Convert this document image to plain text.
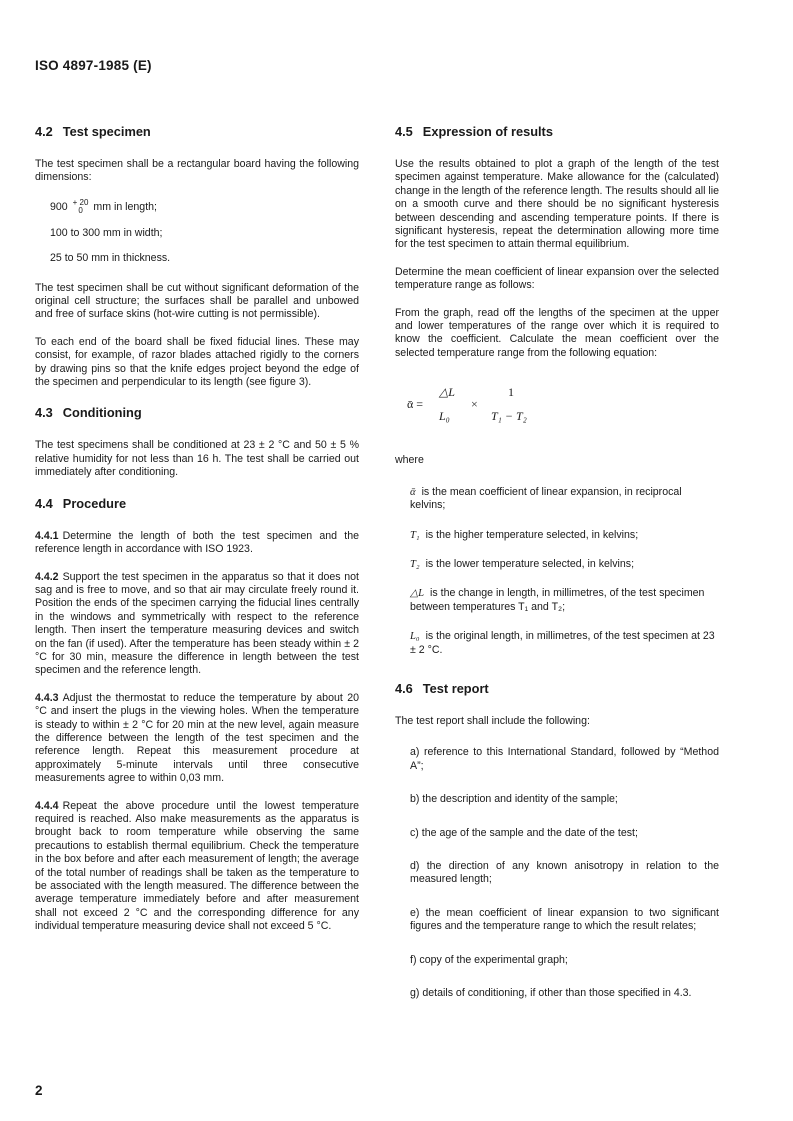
ISO 4897-1985 (E)
4.2 Test specimen

The test specimen shall be a rectangular board having the following dimensions:

900 + 20
0 mm in length;
100 to 300 mm in width;
25 to 50 mm in thickness.

The test specimen shall be cut without significant deformation of the original cell structure; the surfaces shall be parallel and unbowed and free of surface skins (hot-wire cutting is not permissible).

To each end of the board shall be fixed fiducial lines. These may consist, for example, of razor blades attached rigidly to the corners by drawing pins so that the knife edges project beyond the edge of the specimen and perpendicular to its length (see figure 3).

4.3 Conditioning

The test specimens shall be conditioned at 23 ± 2 °C and 50 ± 5 % relative humidity for not less than 16 h. The test shall be carried out immediately after conditioning.

4.4 Procedure

4.4.1 Determine the length of both the test specimen and the reference length in accordance with ISO 1923.

4.4.2 Support the test specimen in the apparatus so that it does not sag and is free to move, and so that air may circulate freely round it. Position the ends of the specimen carrying the fiducial lines centrally in the windows and symmetrically with respect to the reference length. Then insert the temperature measuring devices and switch on the fan (if used). After the temperature has been steady within ± 2 °C for 30 min, measure the difference in length between the test specimen and the reference length.

4.4.3 Adjust the thermostat to reduce the temperature by about 20 °C and insert the plugs in the viewing holes. When the temperature is steady to within ± 2 °C for 20 min at the new level, again measure the difference between the length of the test specimen and the reference length. Repeat this measurement procedure at approximately 5-minute intervals until three consecutive measurements agree to within 0,03 mm.

4.4.4 Repeat the above procedure until the lowest temperature required is reached. Also make measurements as the apparatus is brought back to room temperature while observing the same precautions to establish thermal equilibrium. Check the temperature in the box before and after each measurement of length; the average of the total number of readings shall be taken as the temperature to be associated with the length measured. The difference between the average temperature immediately before and after measurement shall not exceed 2 °C and the corresponding difference for any individual temperature measuring device shall not exceed 5 °C.

4.5 Expression of results

Use the results obtained to plot a graph of the length of the test specimen against temperature. Make allowance for the (calculated) change in the length of the reference length. The results should all lie on a smooth curve and there should be no significant hysteresis between descending and ascending temperature points. If there is significant hysteresis, repeat the determination allowing more time for the test specimen to attain thermal equilibrium.

Determine the mean coefficient of linear expansion over the selected temperature range as follows:

From the graph, read off the lengths of the specimen at the upper and lower temperatures of the range over which it is required to know the coefficient. Calculate the mean coefficient over the selected temperature range from the following equation:

ᾱ =
△L
L₀
×
1
T₁ − T₂

where

ᾱ is the mean coefficient of linear expansion, in reciprocal kelvins;
T₁ is the higher temperature selected, in kelvins;
T₂ is the lower temperature selected, in kelvins;
△L is the change in length, in millimetres, of the test specimen between temperatures T₁ and T₂;
L₀ is the original length, in millimetres, of the test specimen at 23 ± 2 °C.
4.6 Test report

The test report shall include the following:

a) reference to this International Standard, followed by “Method A”;

b) the description and identity of the sample;

c) the age of the sample and the date of the test;

d) the direction of any known anisotropy in relation to the measured length;

e) the mean coefficient of linear expansion to two significant figures and the temperature range to which the result relates;

f) copy of the experimental graph;

g) details of conditioning, if other than those specified in 4.3.

2
